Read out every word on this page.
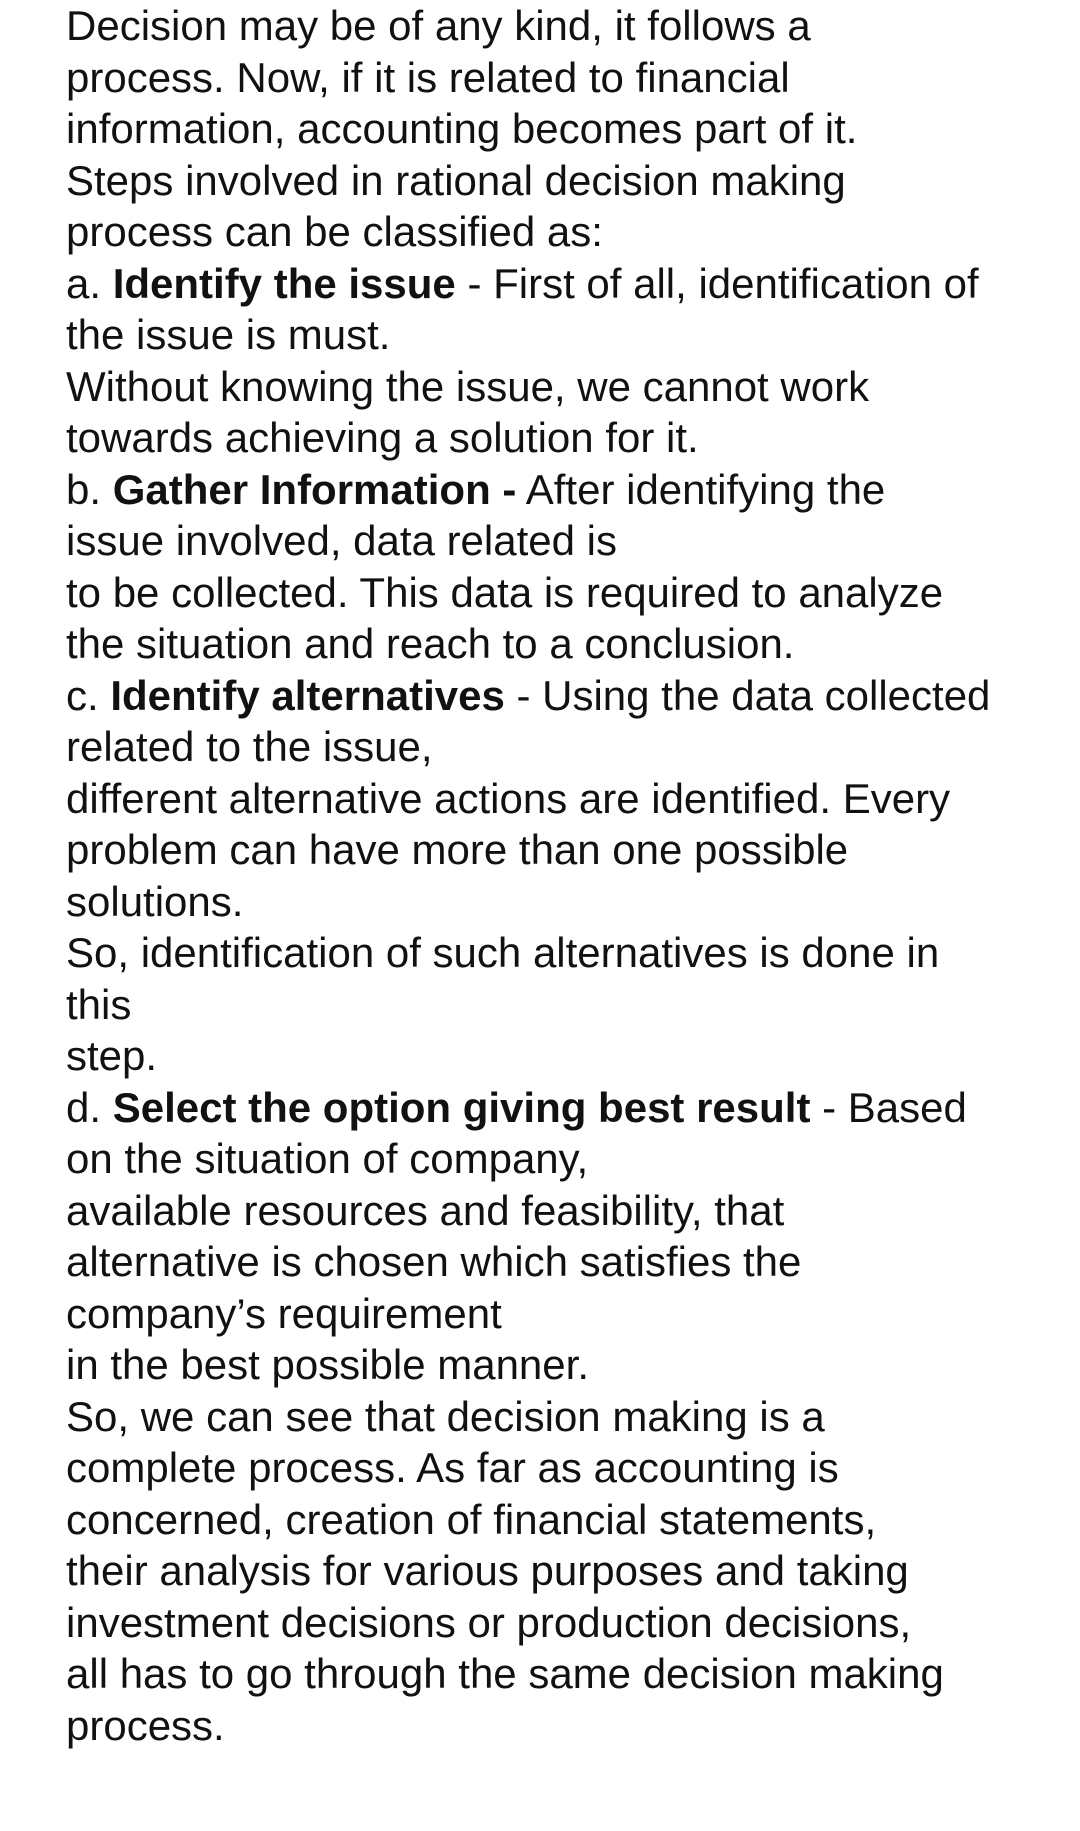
Decision may be of any kind, it follows a
process. Now, if it is related to financial
information, accounting becomes part of it.
Steps involved in rational decision making
process can be classified as:
a. Identify the issue - First of all, identification of
the issue is must.
Without knowing the issue, we cannot work
towards achieving a solution for it.
b. Gather Information - After identifying the
issue involved, data related is
to be collected. This data is required to analyze
the situation and reach to a conclusion.
c. Identify alternatives - Using the data collected
related to the issue,
different alternative actions are identified. Every
problem can have more than one possible
solutions.
So, identification of such alternatives is done in
this
step.
d. Select the option giving best result - Based
on the situation of company,
available resources and feasibility, that
alternative is chosen which satisfies the
company’s requirement
in the best possible manner.
So, we can see that decision making is a
complete process. As far as accounting is
concerned, creation of financial statements,
their analysis for various purposes and taking
investment decisions or production decisions,
all has to go through the same decision making
process.
